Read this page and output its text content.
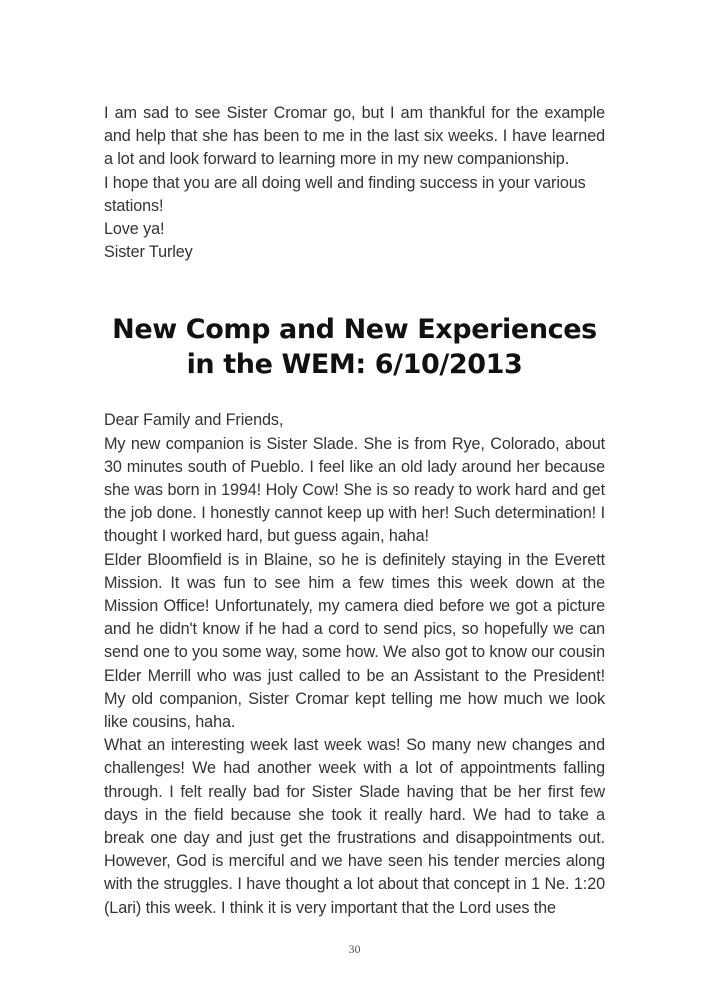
I am sad to see Sister Cromar go, but I am thankful for the example and help that she has been to me in the last six weeks. I have learned a lot and look forward to learning more in my new companionship.

I hope that you are all doing well and finding success in your various stations!

Love ya!

Sister Turley

New Comp and New Experiences in the WEM: 6/10/2013

Dear Family and Friends,

My new companion is Sister Slade. She is from Rye, Colorado, about 30 minutes south of Pueblo. I feel like an old lady around her because she was born in 1994! Holy Cow! She is so ready to work hard and get the job done. I honestly cannot keep up with her! Such determination! I thought I worked hard, but guess again, haha!

Elder Bloomfield is in Blaine, so he is definitely staying in the Everett Mission. It was fun to see him a few times this week down at the Mission Office! Unfortunately, my camera died before we got a picture and he didn't know if he had a cord to send pics, so hopefully we can send one to you some way, some how. We also got to know our cousin Elder Merrill who was just called to be an Assistant to the President! My old companion, Sister Cromar kept telling me how much we look like cousins, haha.

What an interesting week last week was! So many new changes and challenges! We had another week with a lot of appointments falling through. I felt really bad for Sister Slade having that be her first few days in the field because she took it really hard. We had to take a break one day and just get the frustrations and disappointments out. However, God is merciful and we have seen his tender mercies along with the struggles. I have thought a lot about that concept in 1 Ne. 1:20 (Lari) this week. I think it is very important that the Lord uses the

30
